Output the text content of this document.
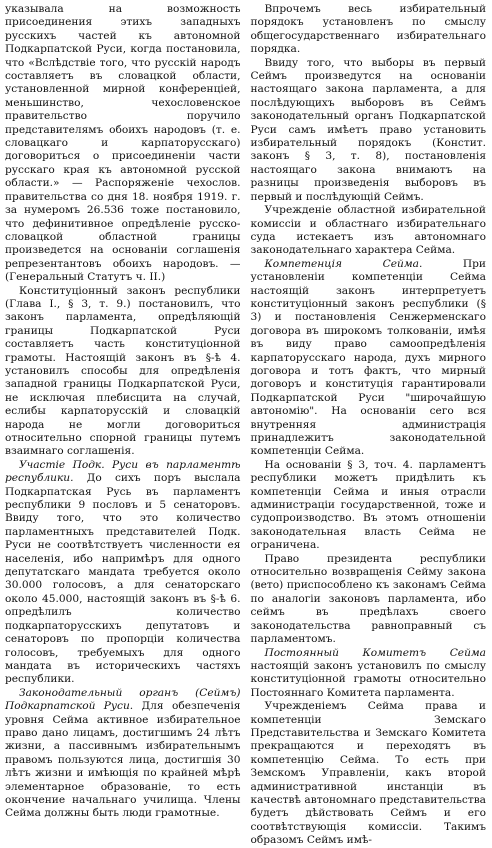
указывала на возможность присоединения этихъ западныхъ русскихъ частей къ автономной Подкарпатской Руси, когда постановила, что «Вслѣдствіе того, что русскій народъ составляетъ въ словацкой области, установленной мирной конференціей, меньшинство, чехословенское правительство поручило представителямъ обоихъ народовъ (т. е. словацкаго и карпаторусскаго) договориться о присоединеніи части русскаго края къ автономной русской области.» — Распоряженіе чехослов. правительства со дня 18. ноября 1919. г. за нумеромъ 26.536 тоже постановило, что дефинитивное опредѣленіе русско-словацкой областной границы произведется на основаніи соглашенія репрезентантовъ обоихъ народовъ. — (Генеральный Статутъ ч. II.)

Конституціонный законъ республики (Глава I., § 3, т. 9.) постановилъ, что законъ парламента, опредѣляющій границы Подкарпатской Руси составляетъ часть конституціонной грамоты. Настоящій законъ въ §-ѣ 4. установилъ способы для опредѣленія западной границы Подкарпатской Руси, не исключая плебисцита на случай, еслибы карпаторусскій и словацкій народа не могли договориться относительно спорной границы путемъ взаимнаго соглашенія.

Участіе Подк. Руси въ парламентѣ республики. До сихъ поръ выслала Подкарпатская Русь въ парламентъ республики 9 пословъ и 5 сенаторовъ. Ввиду того, что это количество парламентныхъ представителей Подк. Руси не соотвѣтствуетъ численности ея населенія, ибо напримѣръ для одного депутатскаго мандата требуется около 30.000 голосовъ, а для сенаторскаго около 45.000, настоящій законъ въ §-ѣ 6. опредѣлилъ количество подкарпаторусскихъ депутатовъ и сенаторовъ по пропорціи количества голосовъ, требуемыхъ для одного мандата въ историческихъ частяхъ республики.

Законодательный органъ (Сеймъ) Подкарпатской Руси. Для обезпеченія уровня Сейма активное избирательное право дано лицамъ, достигшимъ 24 лѣтъ жизни, а пассивнымъ избирательнымъ правомъ пользуются лица, достигшія 30 лѣтъ жизни и имѣющія по крайней мѣрѣ элементарное образованіе, то есть окончение начальнаго училища. Члены Сейма должны быть люди грамотные.

Впрочемъ весь избирательный порядокъ установленъ по смыслу общегосударственнаго избирательнаго порядка.

Ввиду того, что выборы въ первый Сеймъ произведутся на основаніи настоящаго закона парламента, а для послѣдующихъ выборовъ въ Сеймъ законодательный органъ Подкарпатской Руси самъ имѣетъ право установить избирательный порядокъ (Констит. законъ § 3, т. 8), постановленія настоящаго закона внимаютъ на разницы произведенія выборовъ въ первый и послѣдующій Сеймъ.

Учрежденіе областной избирательной комиссіи и областнаго избирательнаго суда истекаетъ изъ автономнаго законодательнаго характера Сейма.

Компетенція Сейма. При установленіи компетенціи Сейма настоящій законъ интерпретуетъ конституціонный законъ республики (§ 3) и постановленія Сенжерменскаго договора въ широкомъ толкованіи, имѣя въ виду право самоопредѣленія карпаторусскаго народа, духъ мирного договора и тотъ фактъ, что мирный договоръ и конституція гарантировали Подкарпатской Руси "широчайшую автономію". На основаніи сего вся внутренняя администрація принадлежитъ законодательной компетенціи Сейма.

На основаніи § 3, точ. 4. парламентъ республики можетъ придѣлить къ компетенціи Сейма и иныя отрасли администраціи государственной, тоже и судопроизводство. Въ этомъ отношеніи законодательная власть Сейма не ограничена.

Право президента республики относительно возвращенія Сейму закона (вето) приспособлено къ законамъ Сейма по аналогіи законовъ парламента, ибо сеймъ въ предѣлахъ своего законодательства равноправный съ парламентомъ.

Постоянный Комитетъ Сейма настоящій законъ установилъ по смыслу конституціонной грамоты относительно Постояннаго Комитета парламента.

Учрежденіемъ Сейма права и компетенціи Земскаго Представительства и Земскаго Комитета прекращаются и переходятъ въ компетенцію Сейма. То есть при Земскомъ Управленіи, какъ второй административной инстанціи въ качествѣ автономнаго представительства будетъ дѣйствовать Сеймъ и его соотвѣтствующія комиссіи. Такимъ образомъ Сеймъ имѣ-
